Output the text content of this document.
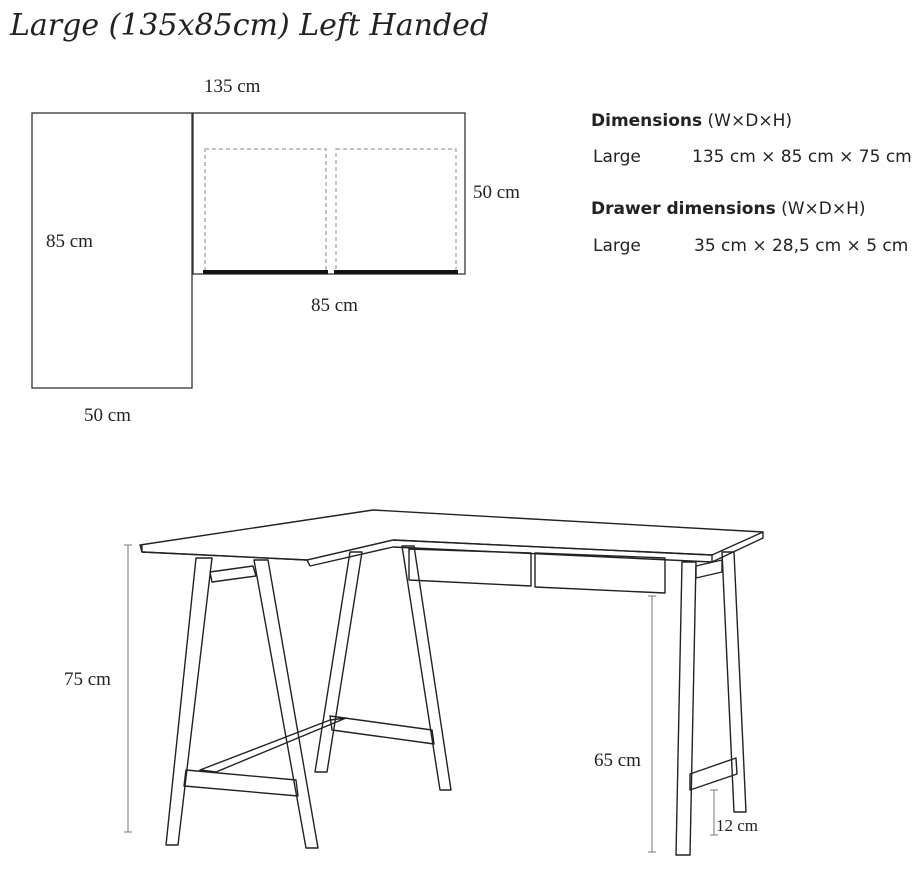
Large (135x85cm) Left Handed
135 cm
85 cm
50 cm
85 cm
50 cm
Dimensions (W×D×H)
Large	135 cm × 85 cm × 75 cm
Drawer dimensions (W×D×H)
Large	35 cm × 28,5 cm × 5 cm
75 cm
65 cm
12 cm
